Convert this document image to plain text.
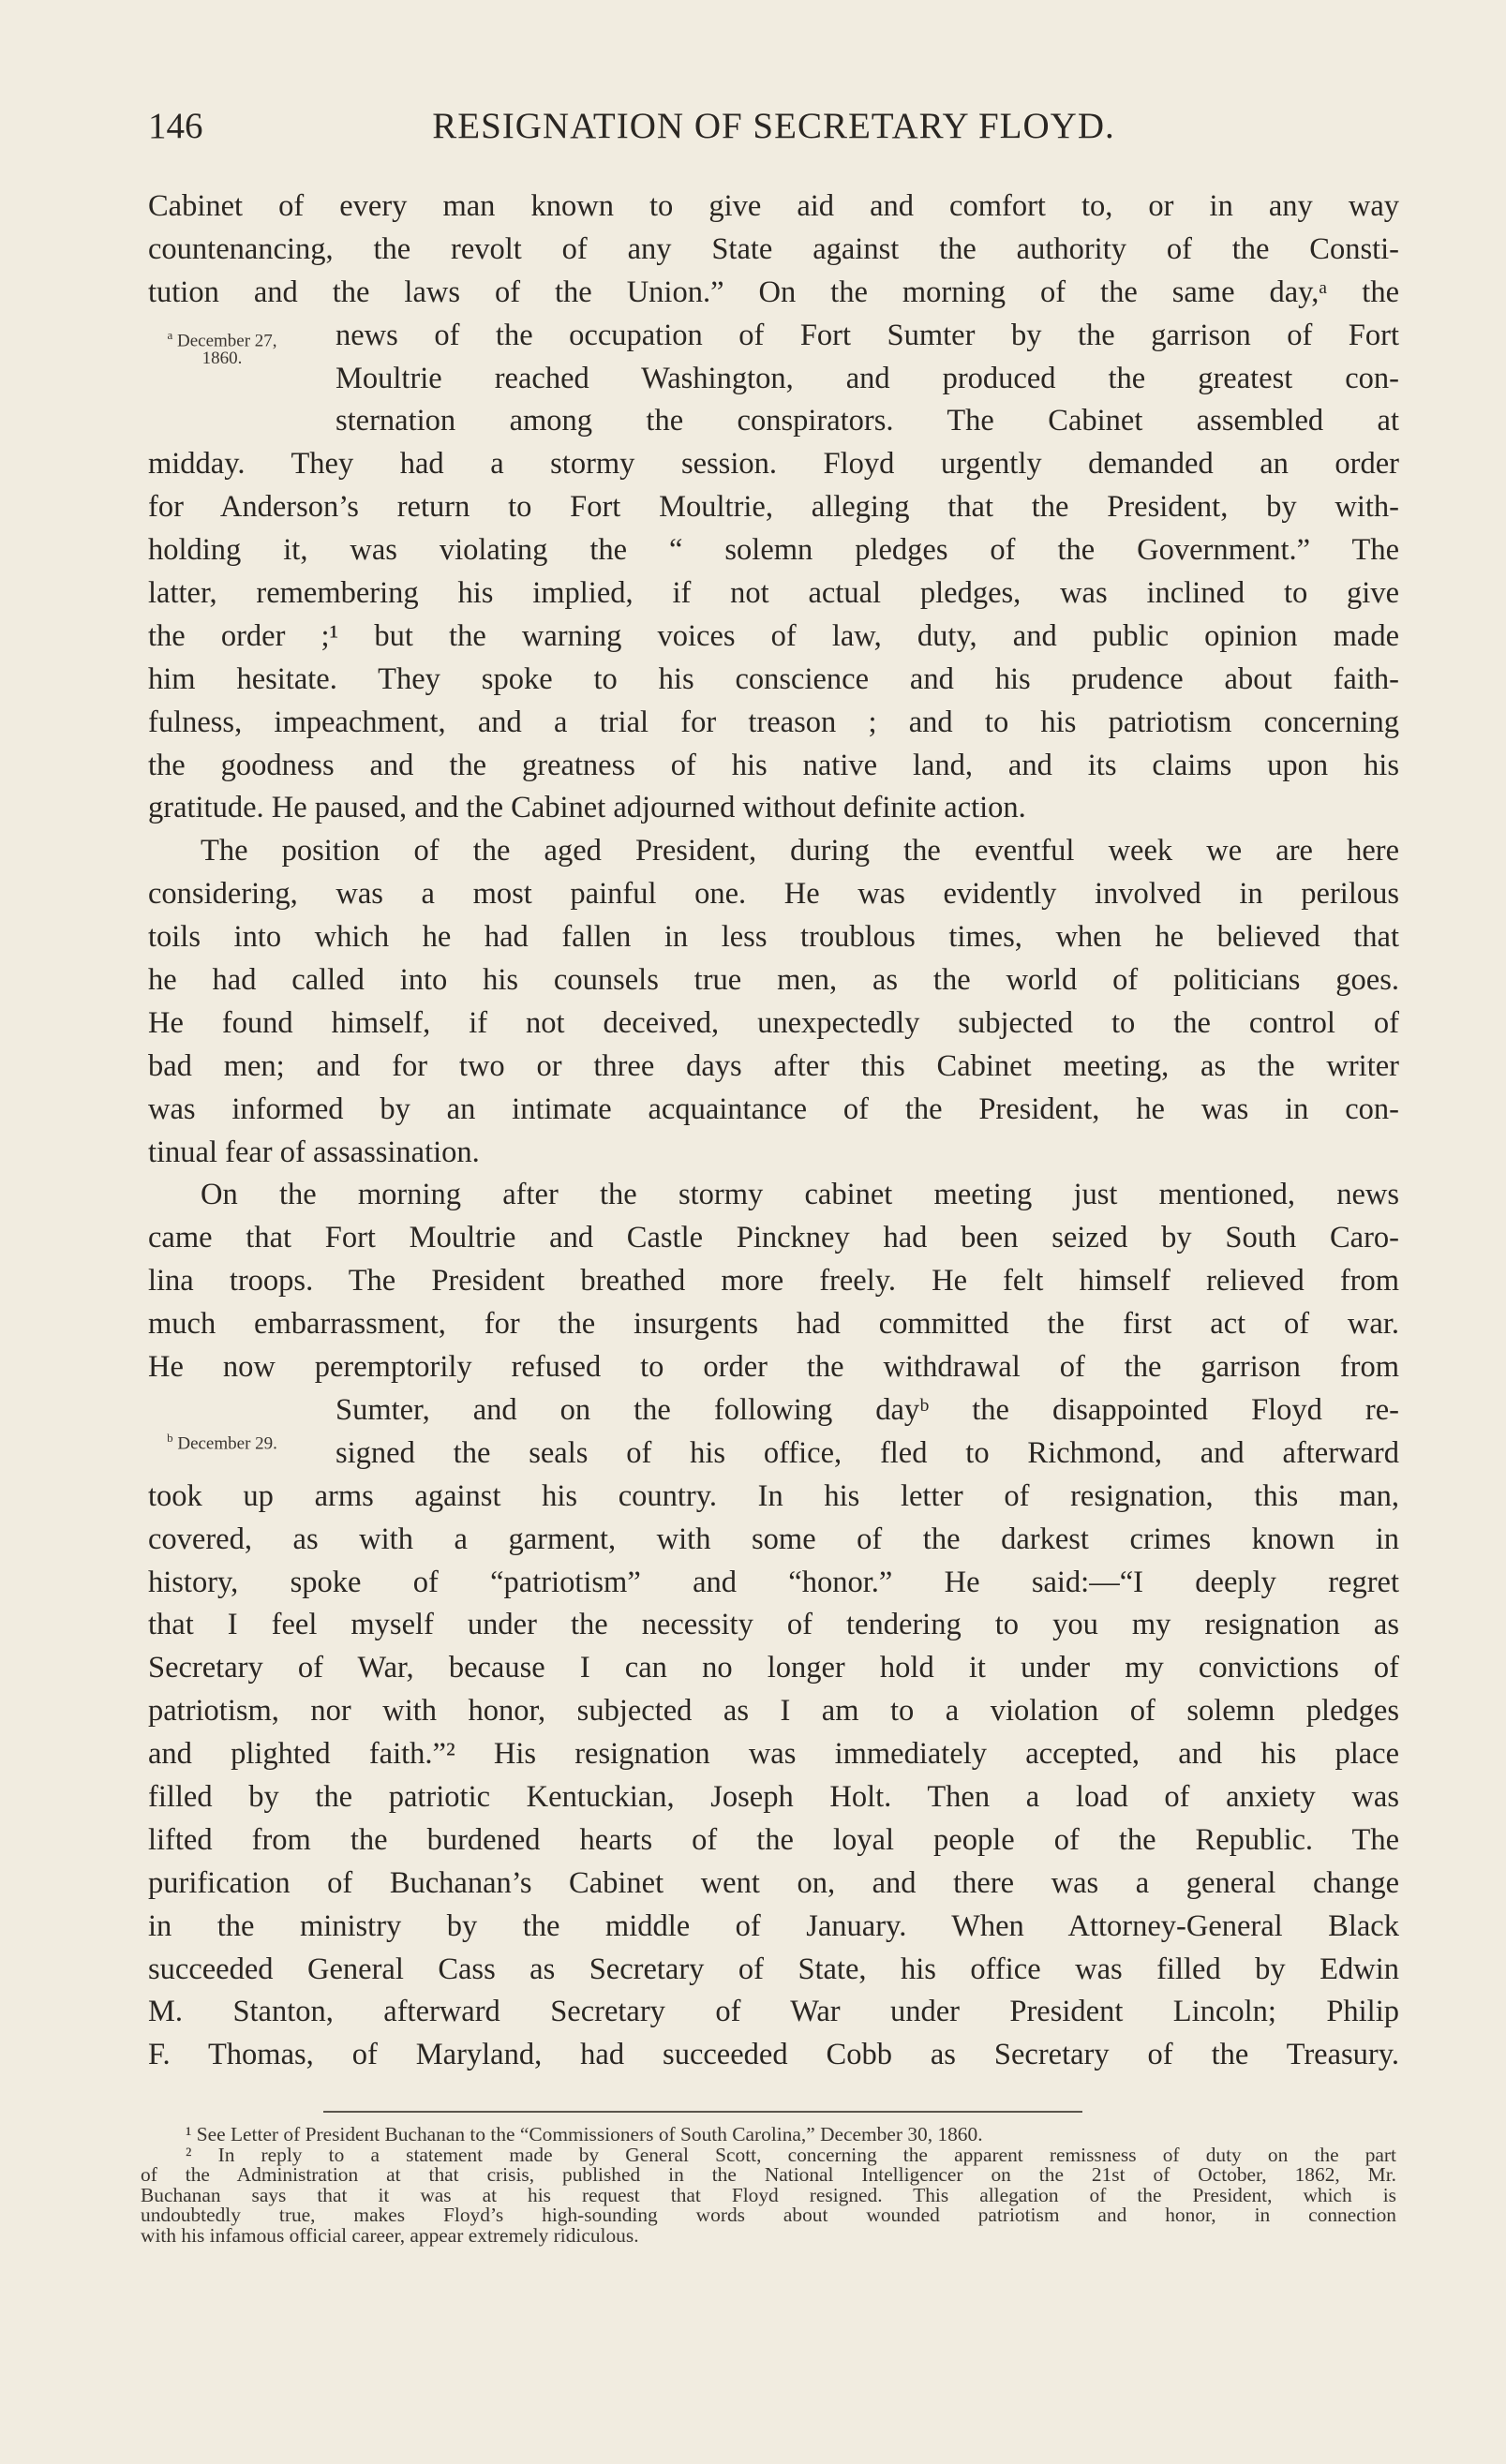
146	RESIGNATION OF SECRETARY FLOYD.
Cabinet of every man known to give aid and comfort to, or in any way
countenancing, the revolt of any State against the authority of the Consti-
tution and the laws of the Union.” On the morning of the same day,ᵃ the
news of the occupation of Fort Sumter by the garrison of Fort
Moultrie reached Washington, and produced the greatest con-
sternation among the conspirators. The Cabinet assembled at
midday. They had a stormy session. Floyd urgently demanded an order
for Anderson’s return to Fort Moultrie, alleging that the President, by with-
holding it, was violating the “ solemn pledges of the Government.” The
latter, remembering his implied, if not actual pledges, was inclined to give
the order ;¹ but the warning voices of law, duty, and public opinion made
him hesitate. They spoke to his conscience and his prudence about faith-
fulness, impeachment, and a trial for treason ; and to his patriotism concerning
the goodness and the greatness of his native land, and its claims upon his
gratitude. He paused, and the Cabinet adjourned without definite action.
The position of the aged President, during the eventful week we are here
considering, was a most painful one. He was evidently involved in perilous
toils into which he had fallen in less troublous times, when he believed that
he had called into his counsels true men, as the world of politicians goes.
He found himself, if not deceived, unexpectedly subjected to the control of
bad men; and for two or three days after this Cabinet meeting, as the writer
was informed by an intimate acquaintance of the President, he was in con-
tinual fear of assassination.
On the morning after the stormy cabinet meeting just mentioned, news
came that Fort Moultrie and Castle Pinckney had been seized by South Caro-
lina troops. The President breathed more freely. He felt himself relieved from
much embarrassment, for the insurgents had committed the first act of war.
He now peremptorily refused to order the withdrawal of the garrison from
Sumter, and on the following dayᵇ the disappointed Floyd re-
signed the seals of his office, fled to Richmond, and afterward
took up arms against his country. In his letter of resignation, this man,
covered, as with a garment, with some of the darkest crimes known in
history, spoke of “patriotism” and “honor.” He said:—“I deeply regret
that I feel myself under the necessity of tendering to you my resignation as
Secretary of War, because I can no longer hold it under my convictions of
patriotism, nor with honor, subjected as I am to a violation of solemn pledges
and plighted faith.”² His resignation was immediately accepted, and his place
filled by the patriotic Kentuckian, Joseph Holt. Then a load of anxiety was
lifted from the burdened hearts of the loyal people of the Republic. The
purification of Buchanan’s Cabinet went on, and there was a general change
in the ministry by the middle of January. When Attorney-General Black
succeeded General Cass as Secretary of State, his office was filled by Edwin
M. Stanton, afterward Secretary of War under President Lincoln; Philip
F. Thomas, of Maryland, had succeeded Cobb as Secretary of the Treasury.
$^a$ December 27,
1860.
$^b$ December 29.
¹ See Letter of President Buchanan to the “Commissioners of South Carolina,” December 30, 1860.
² In reply to a statement made by General Scott, concerning the apparent remissness of duty on the part
of the Administration at that crisis, published in the National Intelligencer on the 21st of October, 1862, Mr.
Buchanan says that it was at his request that Floyd resigned. This allegation of the President, which is
undoubtedly true, makes Floyd’s high-sounding words about wounded patriotism and honor, in connection
with his infamous official career, appear extremely ridiculous.
